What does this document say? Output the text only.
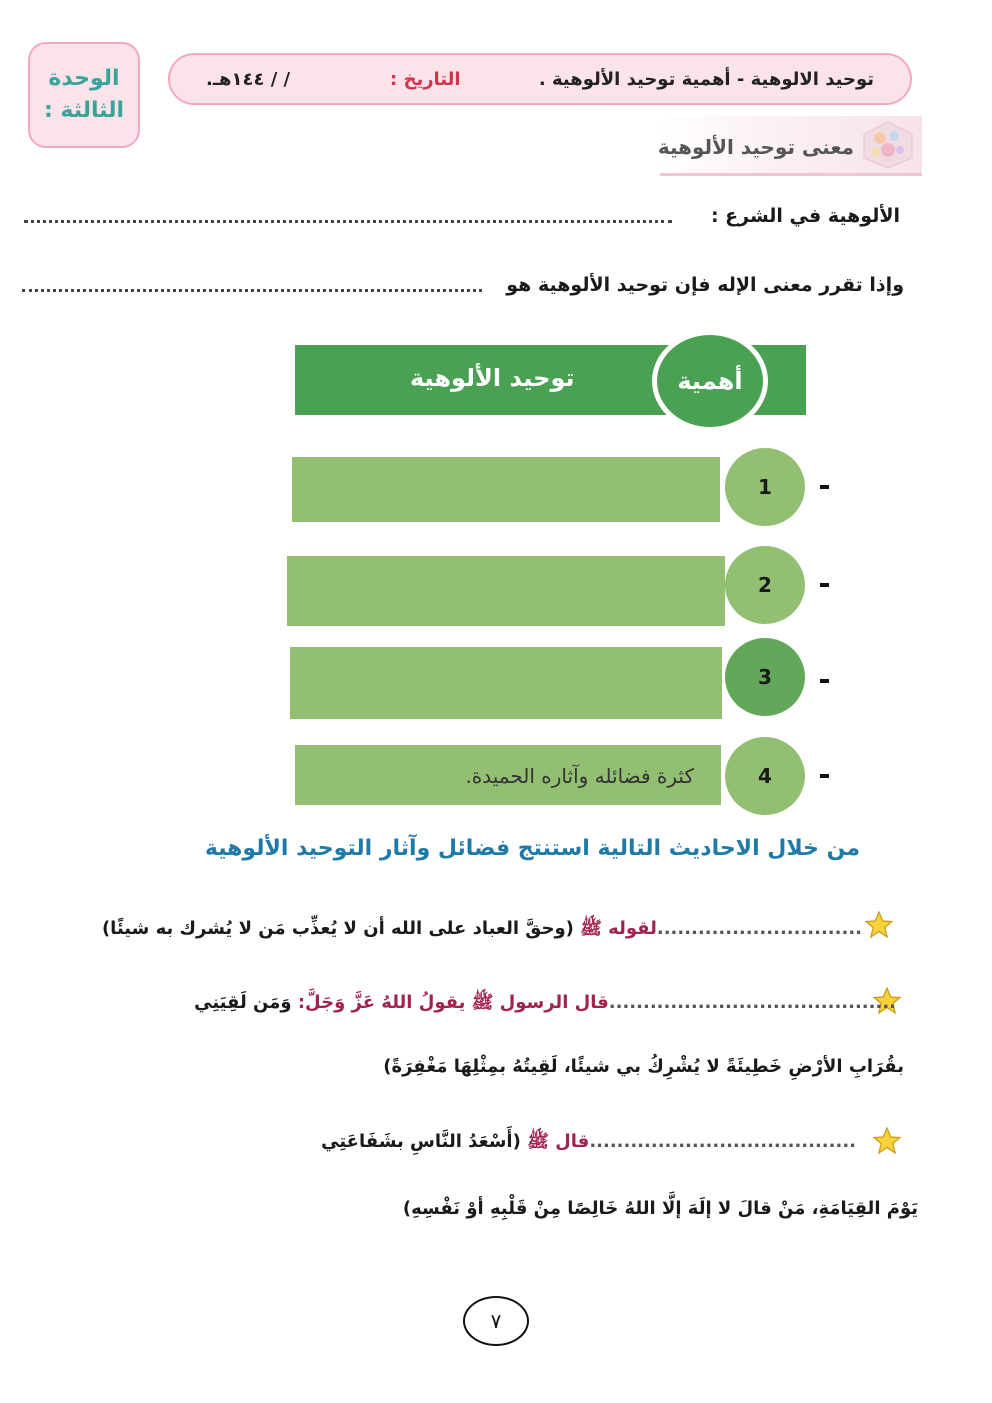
الوحدة
الثالثة :
توحيد الالوهية - أهمية توحيد الألوهية .
التاريخ :
/ / ١٤٤هـ.
معنى توحيد الألوهية
الألوهية في الشرع :
وإذا تقرر معنى الإله فإن توحيد الألوهية هو
توحيد الألوهية	أهمية
1
2
3
كثرة فضائله وآثاره الحميدة.	4
من خلال الاحاديث التالية استنتج فضائل وآثار التوحيد الألوهية
..............................لقوله ﷺ (وحقَّ العباد على الله أن لا يُعذِّب مَن لا يُشرك به شيئًا)
..........................................قال الرسول ﷺ يقولُ اللهُ عَزَّ وَجَلَّ: وَمَن لَقِيَنِي
بقُرَابِ الأرْضِ خَطِيئَةً لا يُشْرِكُ بي شيئًا، لَقِيتُهُ بمِثْلِهَا مَغْفِرَةً)
.......................................قال ﷺ (أَسْعَدُ النَّاسِ بشَفَاعَتِي
يَوْمَ القِيَامَةِ، مَنْ قالَ لا إلَهَ إلَّا اللهُ خَالِصًا مِنْ قَلْبِهِ أوْ نَفْسِهِ)
٧
